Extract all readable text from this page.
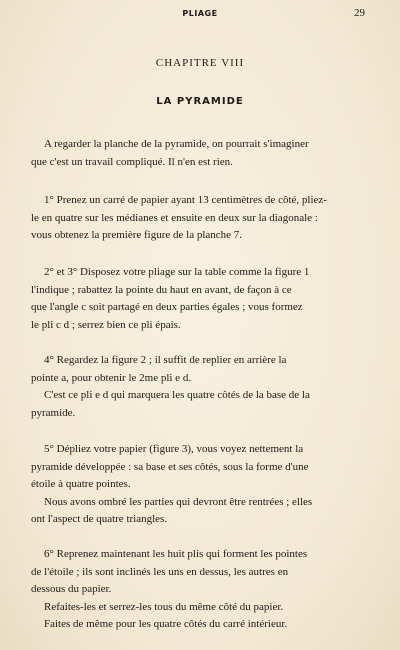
PLIAGE	29
CHAPITRE VIII
LA PYRAMIDE

A regarder la planche de la pyramide, on pourrait s'imaginer
que c'est un travail compliqué. Il n'en est rien.

1° Prenez un carré de papier ayant 13 centimètres de côté, pliez-
le en quatre sur les médianes et ensuite en deux sur la diagonale :
vous obtenez la première figure de la planche 7.

2° et 3° Disposez votre pliage sur la table comme la figure 1
l'indique ; rabattez la pointe du haut en avant, de façon à ce
que l'angle c soit partagé en deux parties égales ; vous formez
le pli c d ; serrez bien ce pli épais.

4° Regardez la figure 2 ; il suffit de replier en arrière la
pointe a, pour obtenir le 2me pli e d.
C'est ce pli e d qui marquera les quatre côtés de la base de la
pyramide.

5° Dépliez votre papier (figure 3), vous voyez nettement la
pyramide développée : sa base et ses côtés, sous la forme d'une
étoile à quatre pointes.
Nous avons ombré les parties qui devront être rentrées ; elles
ont l'aspect de quatre triangles.

6° Reprenez maintenant les huit plis qui forment les pointes
de l'étoile ; ils sont inclinés les uns en dessus, les autres en
dessous du papier.
Refaites-les et serrez-les tous du même côté du papier.
Faites de même pour les quatre côtés du carré intérieur.
